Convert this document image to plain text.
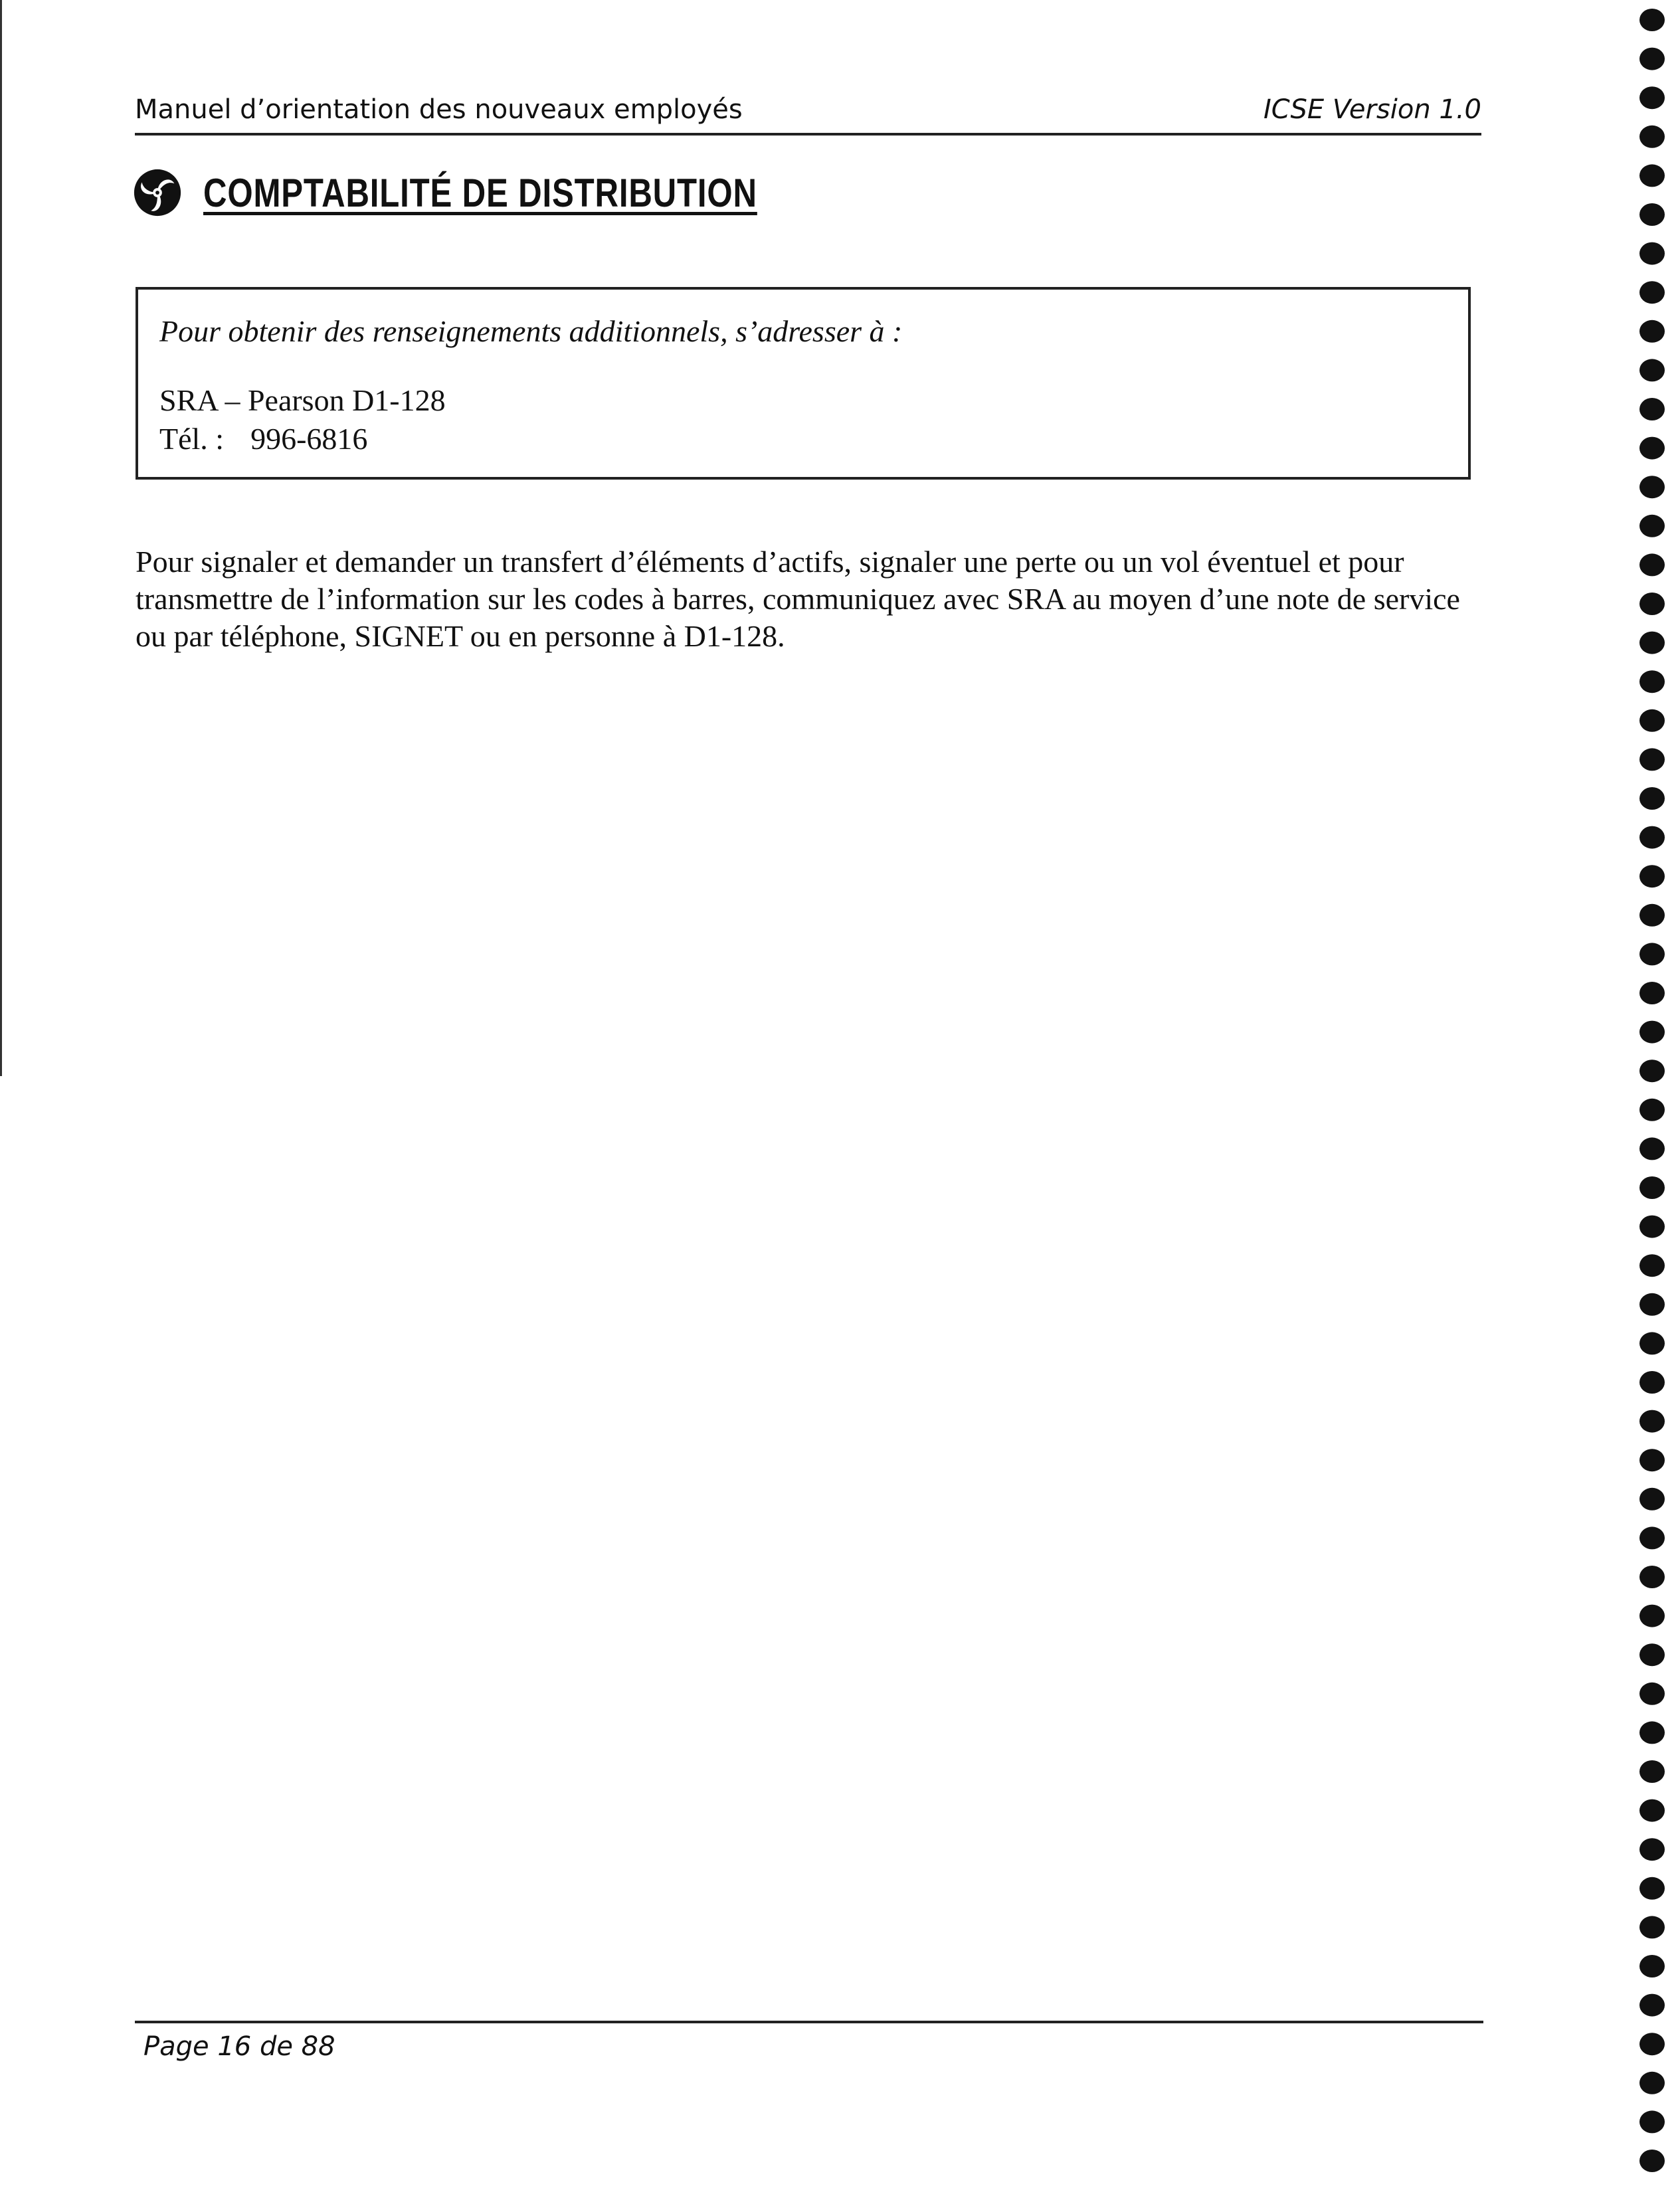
Manuel d’orientation des nouveaux employés	ICSE Version 1.0
COMPTABILITÉ DE DISTRIBUTION
Pour obtenir des renseignements additionnels, s’adresser à :
SRA – Pearson D1-128
Tél. : 996-6816

Pour signaler et demander un transfert d’éléments d’actifs, signaler une perte ou un vol éventuel et pour transmettre de l’information sur les codes à barres, communiquez avec SRA au moyen d’une note de service ou par téléphone, SIGNET ou en personne à D1-128.

Page 16 de 88
